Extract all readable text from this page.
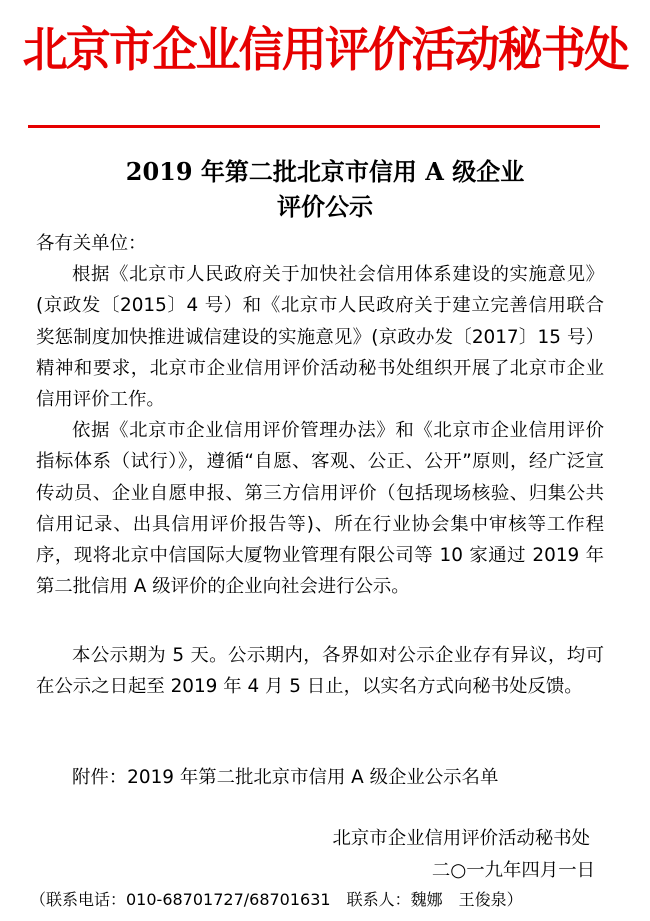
北京市企业信用评价活动秘书处
2019 年第二批北京市信用 A 级企业
评价公示
各有关单位：

根据《北京市人民政府关于加快社会信用体系建设的实施意见》(京政发〔2015〕4 号）和《北京市人民政府关于建立完善信用联合奖惩制度加快推进诚信建设的实施意见》(京政办发〔2017〕15 号）精神和要求，北京市企业信用评价活动秘书处组织开展了北京市企业信用评价工作。

依据《北京市企业信用评价管理办法》和《北京市企业信用评价指标体系（试行）》，遵循“自愿、客观、公正、公开”原则，经广泛宣传动员、企业自愿申报、第三方信用评价（包括现场核验、归集公共信用记录、出具信用评价报告等)、所在行业协会集中审核等工作程序，现将北京中信国际大厦物业管理有限公司等 10 家通过 2019 年第二批信用 A 级评价的企业向社会进行公示。

本公示期为 5 天。公示期内，各界如对公示企业存有异议，均可在公示之日起至 2019 年 4 月 5 日止，以实名方式向秘书处反馈。

附件：2019 年第二批北京市信用 A 级企业公示名单
北京市企业信用评价活动秘书处
二○一九年四月一日
（联系电话：010-68701727/68701631　联系人：魏娜　王俊泉）
